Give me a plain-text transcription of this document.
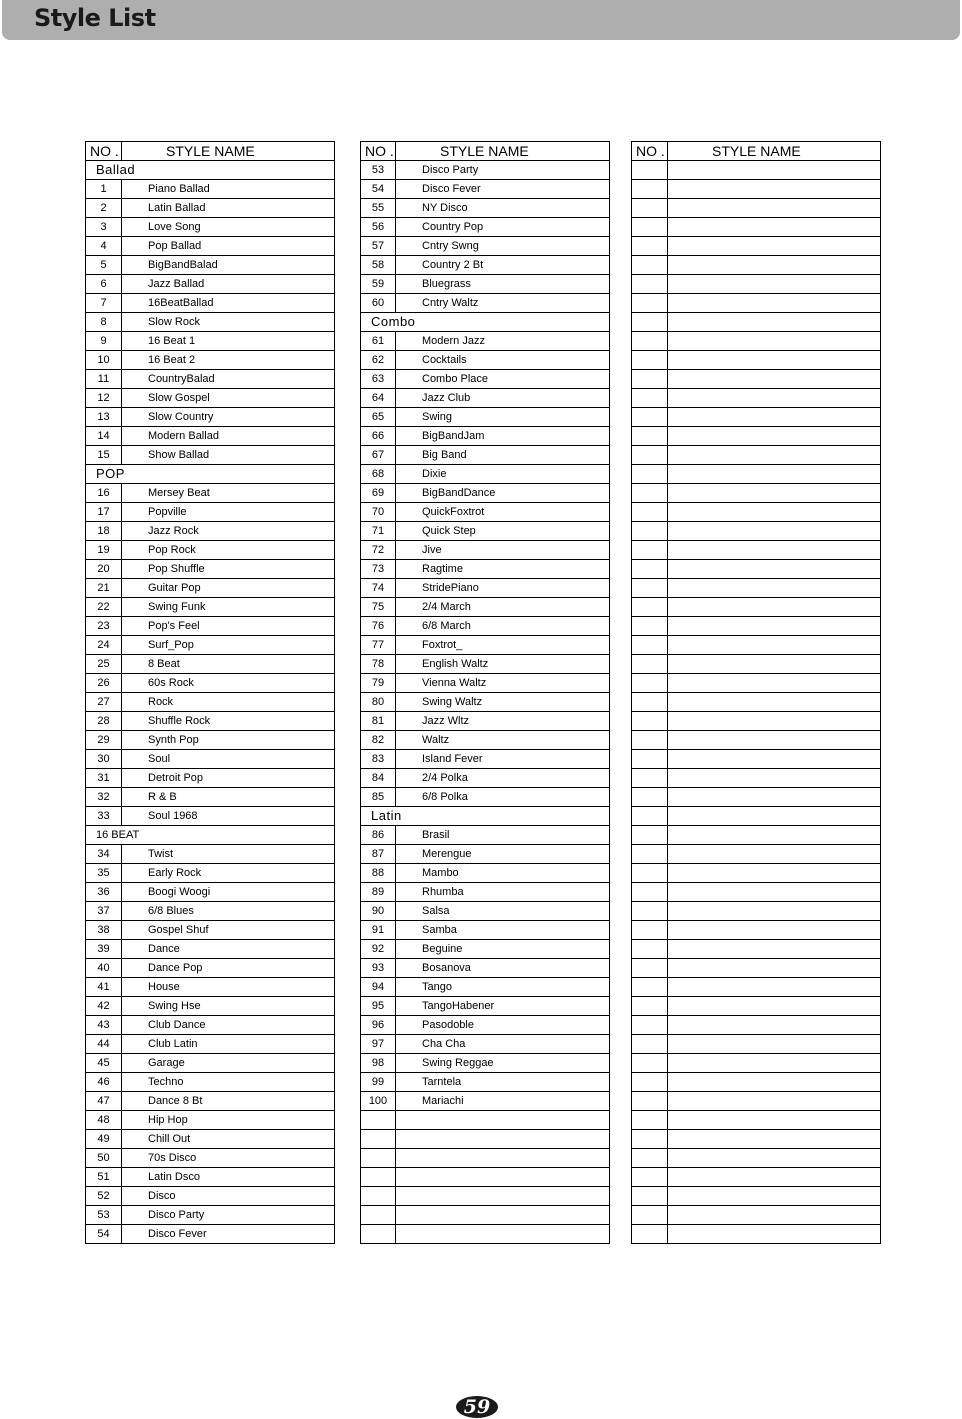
Style List
NO .	STYLE NAME
Ballad	
1	Piano Ballad
2	Latin Ballad
3	Love Song
4	Pop Ballad
5	BigBandBalad
6	Jazz Ballad
7	16BeatBallad
8	Slow Rock
9	16 Beat 1
10	16 Beat 2
11	CountryBalad
12	Slow Gospel
13	Slow Country
14	Modern Ballad
15	Show Ballad
POP	
16	Mersey Beat
17	Popville
18	Jazz Rock
19	Pop Rock
20	Pop Shuffle
21	Guitar Pop
22	Swing Funk
23	Pop's Feel
24	Surf_Pop
25	8 Beat
26	60s Rock
27	Rock
28	Shuffle Rock
29	Synth Pop
30	Soul
31	Detroit Pop
32	R & B
33	Soul 1968
16 BEAT	
34	Twist
35	Early Rock
36	Boogi Woogi
37	6/8 Blues
38	Gospel Shuf
39	Dance
40	Dance Pop
41	House
42	Swing Hse
43	Club Dance
44	Club Latin
45	Garage
46	Techno
47	Dance 8 Bt
48	Hip Hop
49	Chill Out
50	70s Disco
51	Latin Dsco
52	Disco
53	Disco Party
54	Disco Fever
NO .	STYLE NAME
53	Disco Party
54	Disco Fever
55	NY Disco
56	Country Pop
57	Cntry Swng
58	Country 2 Bt
59	Bluegrass
60	Cntry Waltz
Combo	
61	Modern Jazz
62	Cocktails
63	Combo Place
64	Jazz Club
65	Swing
66	BigBandJam
67	Big Band
68	Dixie
69	BigBandDance
70	QuickFoxtrot
71	Quick Step
72	Jive
73	Ragtime
74	StridePiano
75	2/4 March
76	6/8 March
77	Foxtrot_
78	English Waltz
79	Vienna Waltz
80	Swing Waltz
81	Jazz Wltz
82	Waltz
83	Island Fever
84	2/4 Polka
85	6/8 Polka
Latin	
86	Brasil
87	Merengue
88	Mambo
89	Rhumba
90	Salsa
91	Samba
92	Beguine
93	Bosanova
94	Tango
95	TangoHabener
96	Pasodoble
97	Cha Cha
98	Swing Reggae
99	Tarntela
100	Mariachi

NO .	STYLE NAME

59
